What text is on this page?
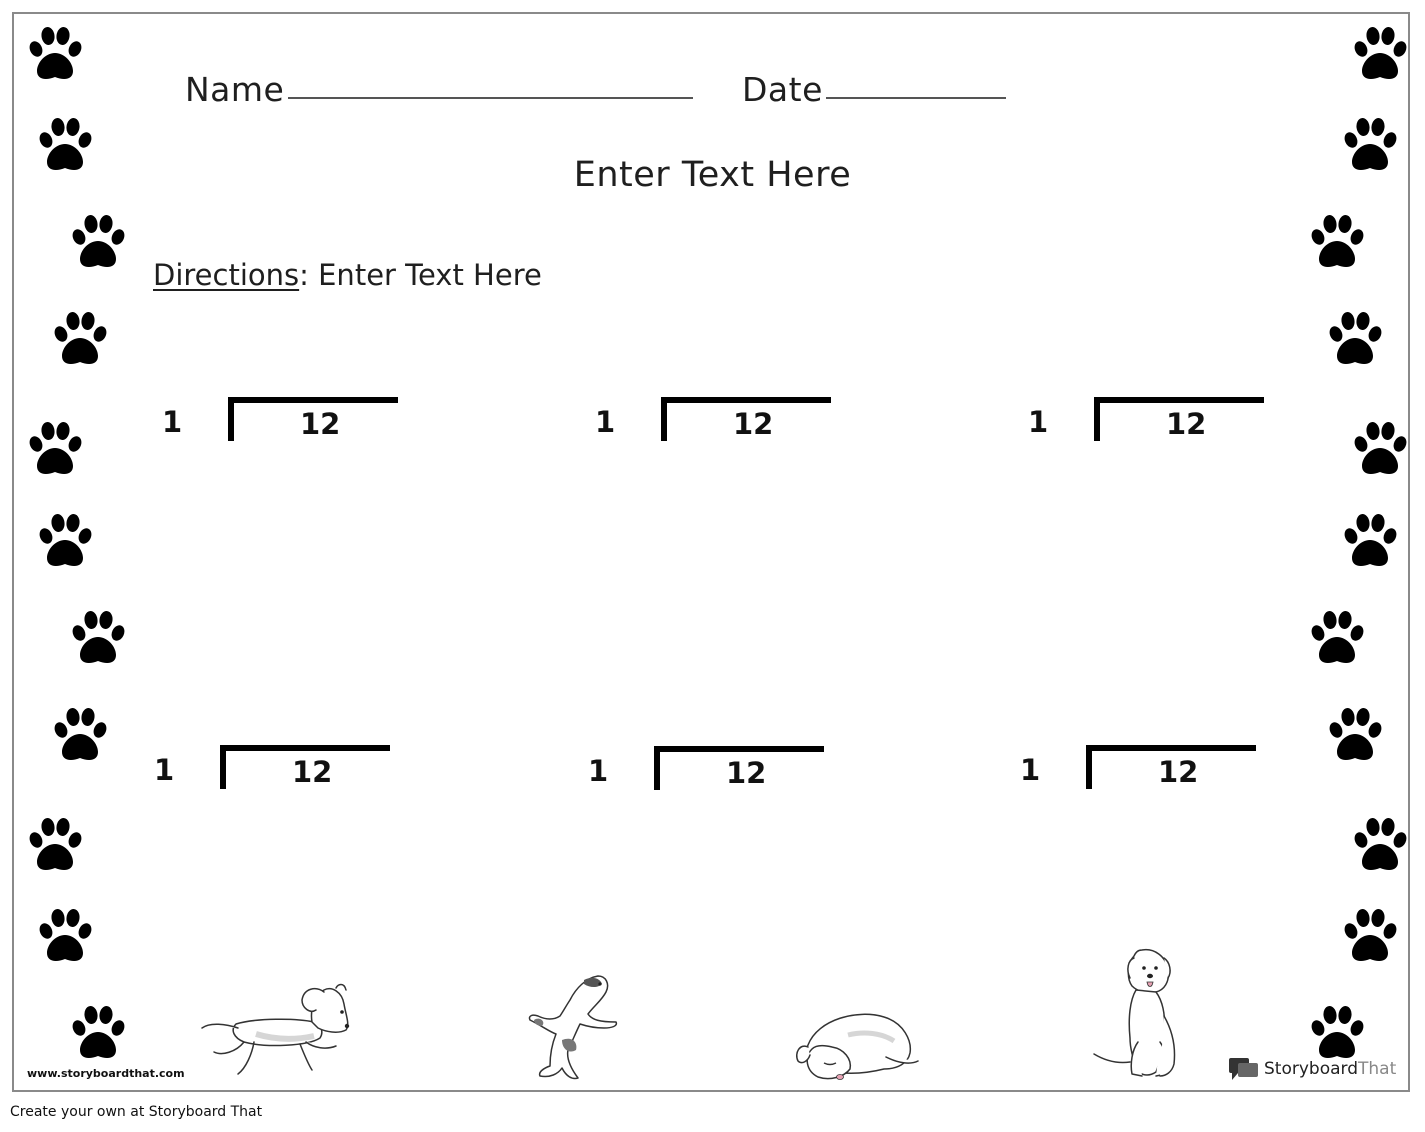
Name	Date
Enter Text Here
Directions: Enter Text Here
1	12	1	12	1	12
1	12	1	12	1	12
www.storyboardthat.com	StoryboardThat
Create your own at Storyboard That
